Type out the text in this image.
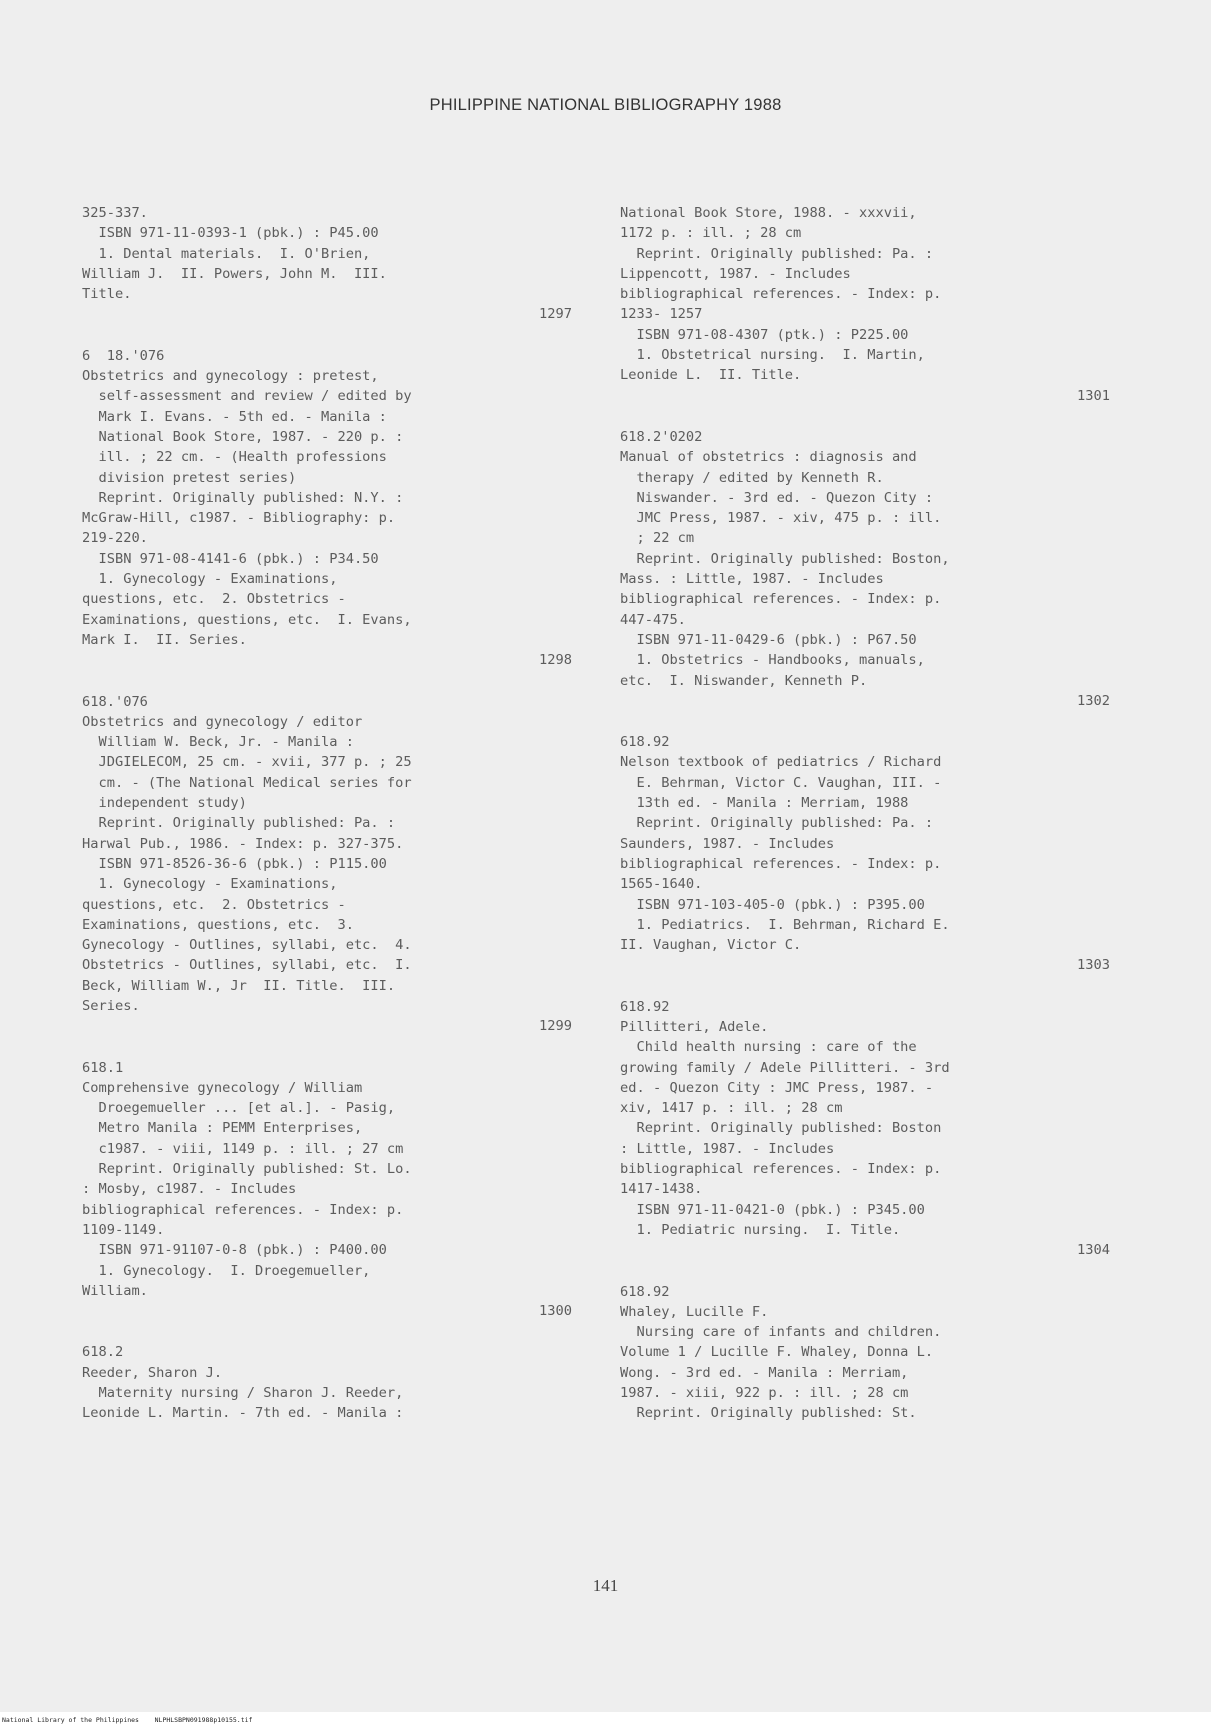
PHILIPPINE NATIONAL BIBLIOGRAPHY 1988
325-337.
ISBN 971-11-0393-1 (pbk.) : P45.00
1. Dental materials.  I. O'Brien,
William J.  II. Powers, John M.  III.
Title.
1297
6  18.'076
Obstetrics and gynecology : pretest,
self-assessment and review / edited by
Mark I. Evans. - 5th ed. - Manila :
National Book Store, 1987. - 220 p. :
ill. ; 22 cm. - (Health professions
division pretest series)
Reprint. Originally published: N.Y. :
McGraw-Hill, c1987. - Bibliography: p.
219-220.
ISBN 971-08-4141-6 (pbk.) : P34.50
1. Gynecology - Examinations,
questions, etc.  2. Obstetrics -
Examinations, questions, etc.  I. Evans,
Mark I.  II. Series.
1298
618.'076
Obstetrics and gynecology / editor
William W. Beck, Jr. - Manila :
JDGIELECOM, 25 cm. - xvii, 377 p. ; 25
cm. - (The National Medical series for
independent study)
Reprint. Originally published: Pa. :
Harwal Pub., 1986. - Index: p. 327-375.
ISBN 971-8526-36-6 (pbk.) : P115.00
1. Gynecology - Examinations,
questions, etc.  2. Obstetrics -
Examinations, questions, etc.  3.
Gynecology - Outlines, syllabi, etc.  4.
Obstetrics - Outlines, syllabi, etc.  I.
Beck, William W., Jr  II. Title.  III.
Series.
1299
618.1
Comprehensive gynecology / William
Droegemueller ... [et al.]. - Pasig,
Metro Manila : PEMM Enterprises,
c1987. - viii, 1149 p. : ill. ; 27 cm
Reprint. Originally published: St. Lo.
: Mosby, c1987. - Includes
bibliographical references. - Index: p.
1109-1149.
ISBN 971-91107-0-8 (pbk.) : P400.00
1. Gynecology.  I. Droegemueller,
William.
1300
618.2
Reeder, Sharon J.
Maternity nursing / Sharon J. Reeder,
Leonide L. Martin. - 7th ed. - Manila :
National Book Store, 1988. - xxxvii,
1172 p. : ill. ; 28 cm
Reprint. Originally published: Pa. :
Lippencott, 1987. - Includes
bibliographical references. - Index: p.
1233- 1257
ISBN 971-08-4307 (ptk.) : P225.00
1. Obstetrical nursing.  I. Martin,
Leonide L.  II. Title.
1301
618.2'0202
Manual of obstetrics : diagnosis and
therapy / edited by Kenneth R.
Niswander. - 3rd ed. - Quezon City :
JMC Press, 1987. - xiv, 475 p. : ill.
; 22 cm
Reprint. Originally published: Boston,
Mass. : Little, 1987. - Includes
bibliographical references. - Index: p.
447-475.
ISBN 971-11-0429-6 (pbk.) : P67.50
1. Obstetrics - Handbooks, manuals,
etc.  I. Niswander, Kenneth P.
1302
618.92
Nelson textbook of pediatrics / Richard
E. Behrman, Victor C. Vaughan, III. -
13th ed. - Manila : Merriam, 1988
Reprint. Originally published: Pa. :
Saunders, 1987. - Includes
bibliographical references. - Index: p.
1565-1640.
ISBN 971-103-405-0 (pbk.) : P395.00
1. Pediatrics.  I. Behrman, Richard E.
II. Vaughan, Victor C.
1303
618.92
Pillitteri, Adele.
Child health nursing : care of the
growing family / Adele Pillitteri. - 3rd
ed. - Quezon City : JMC Press, 1987. -
xiv, 1417 p. : ill. ; 28 cm
Reprint. Originally published: Boston
: Little, 1987. - Includes
bibliographical references. - Index: p.
1417-1438.
ISBN 971-11-0421-0 (pbk.) : P345.00
1. Pediatric nursing.  I. Title.
1304
618.92
Whaley, Lucille F.
Nursing care of infants and children.
Volume 1 / Lucille F. Whaley, Donna L.
Wong. - 3rd ed. - Manila : Merriam,
1987. - xiii, 922 p. : ill. ; 28 cm
Reprint. Originally published: St.
141
National Library of the Philippines    NLPHLSBPN091988p10155.tif
